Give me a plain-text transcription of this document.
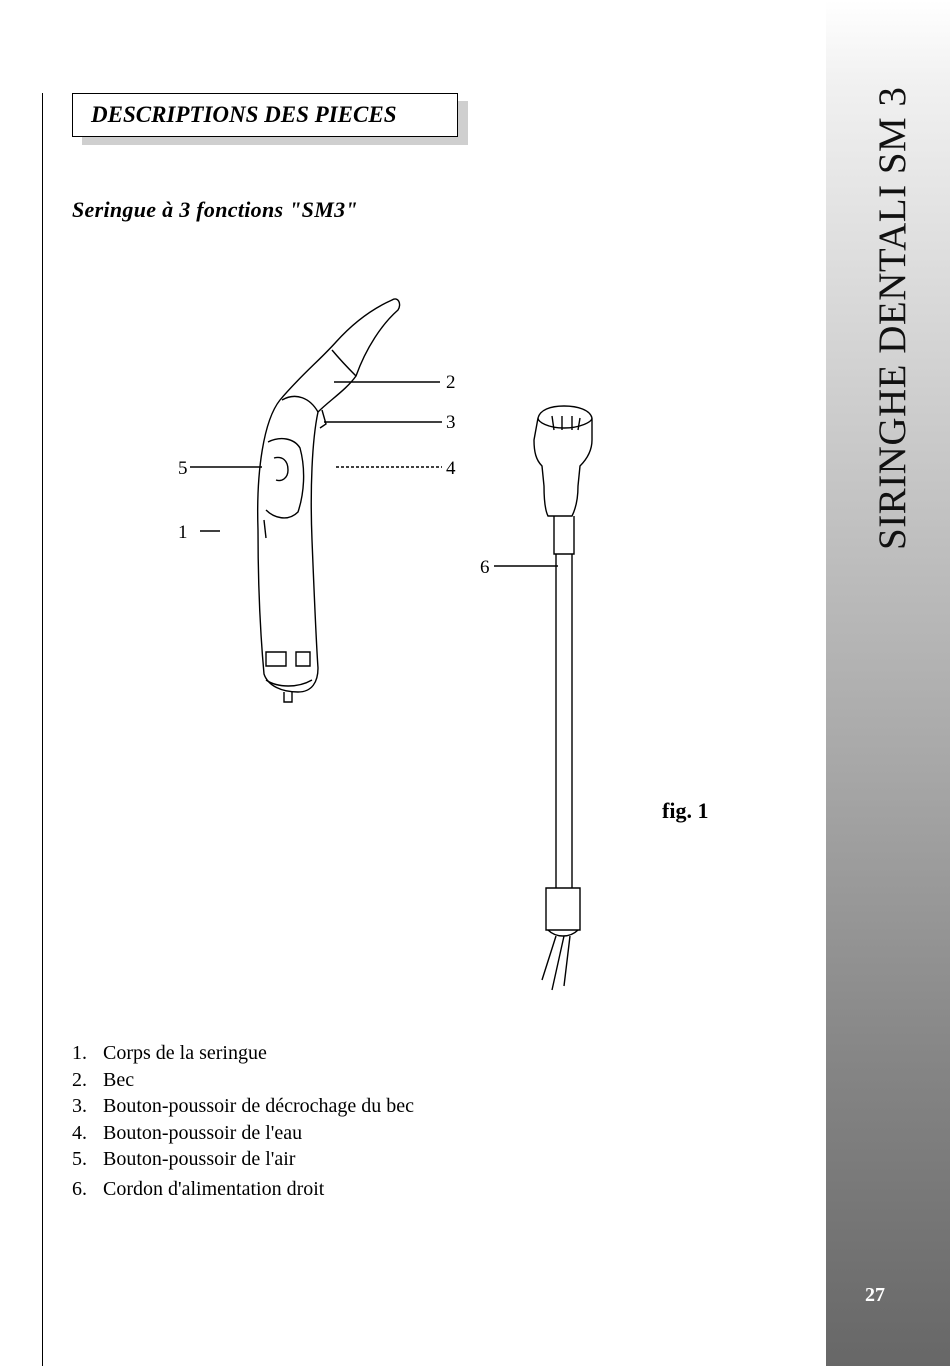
DESCRIPTIONS DES PIECES
Seringue à 3 fonctions "SM3"
2
3
4
5
1
6
fig. 1
1. Corps de la seringue
2. Bec
3. Bouton-poussoir de décrochage du bec
4. Bouton-poussoir de l'eau
5. Bouton-poussoir de l'air
6. Cordon d'alimentation droit
SIRINGHE DENTALI SM 3
27
